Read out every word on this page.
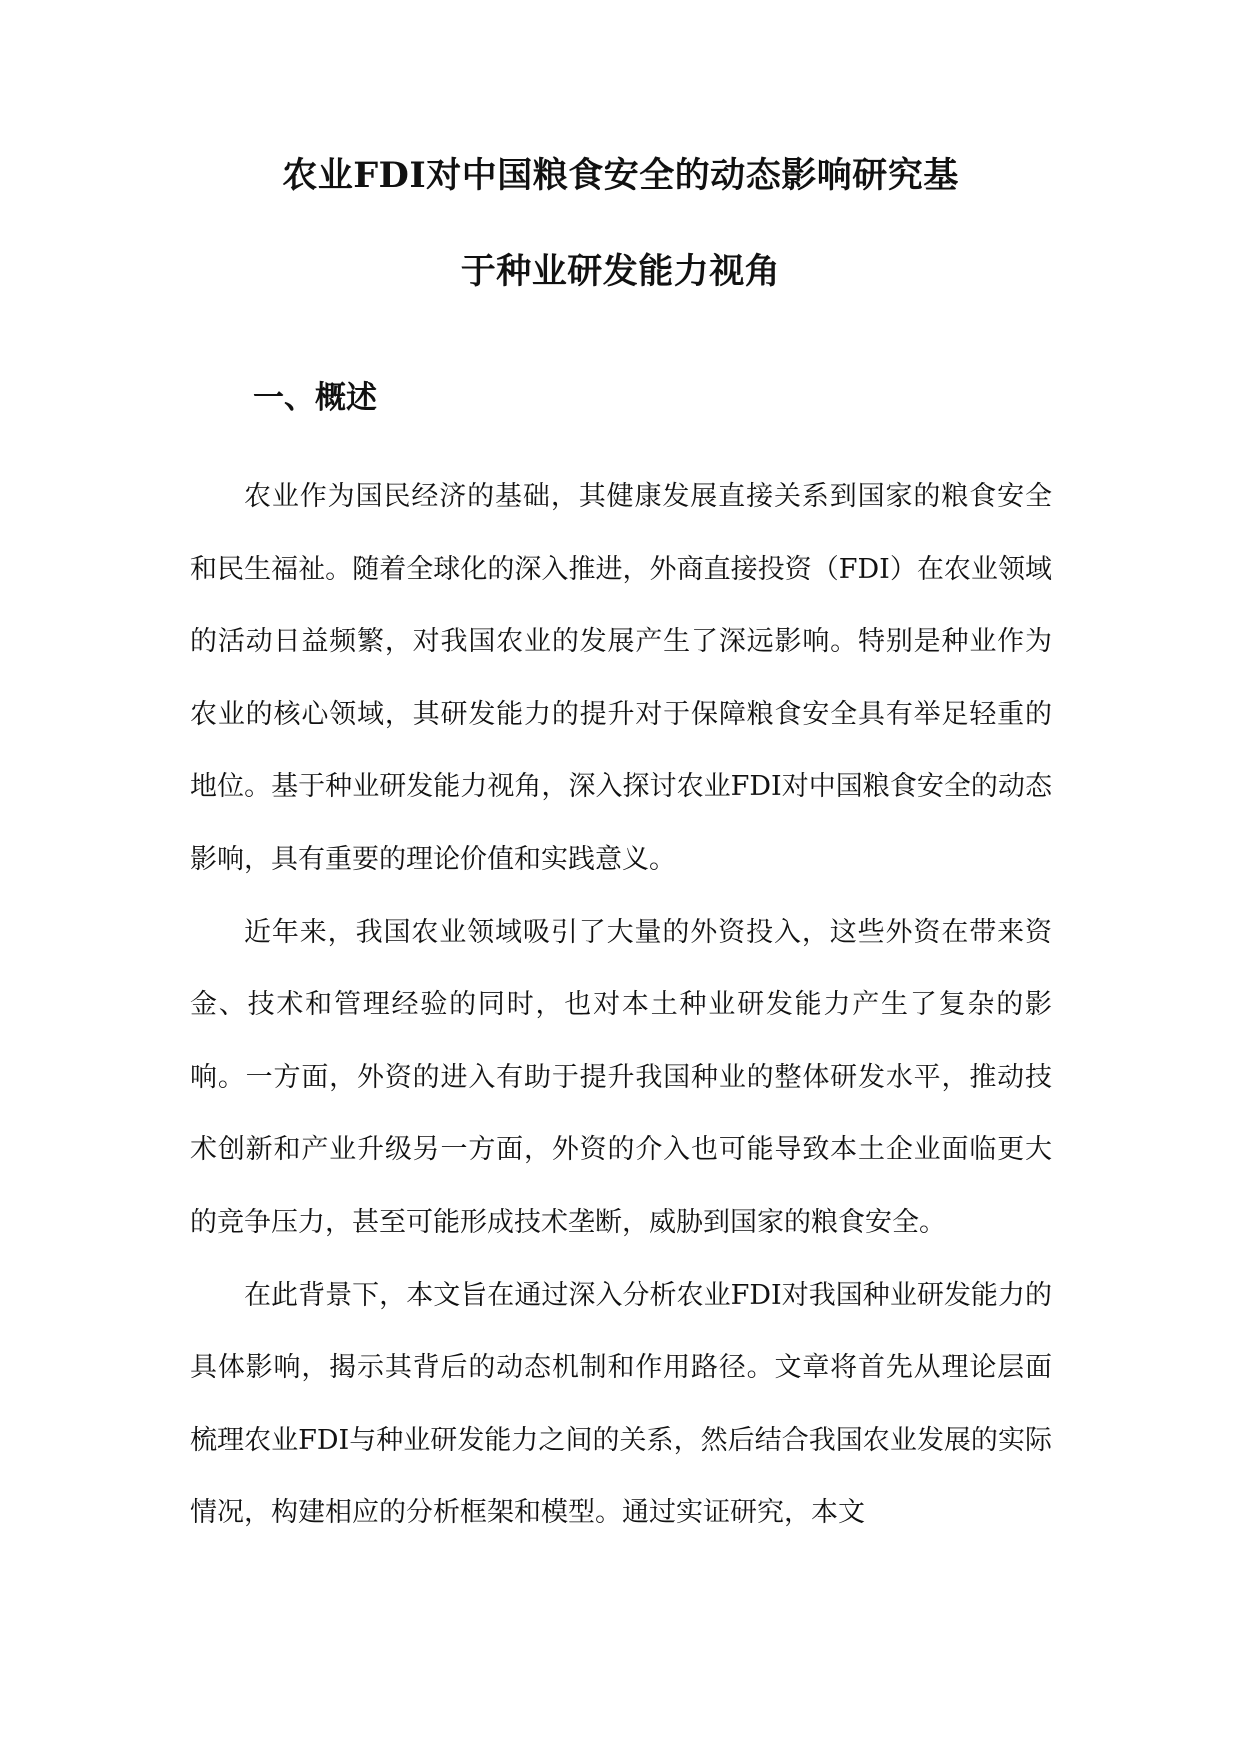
农业FDI对中国粮食安全的动态影响研究基
于种业研发能力视角
一、概述

农业作为国民经济的基础，其健康发展直接关系到国家的粮食安全和民生福祉。随着全球化的深入推进，外商直接投资（FDI）在农业领域的活动日益频繁，对我国农业的发展产生了深远影响。特别是种业作为农业的核心领域，其研发能力的提升对于保障粮食安全具有举足轻重的地位。基于种业研发能力视角，深入探讨农业FDI对中国粮食安全的动态影响，具有重要的理论价值和实践意义。

近年来，我国农业领域吸引了大量的外资投入，这些外资在带来资金、技术和管理经验的同时，也对本土种业研发能力产生了复杂的影响。一方面，外资的进入有助于提升我国种业的整体研发水平，推动技术创新和产业升级另一方面，外资的介入也可能导致本土企业面临更大的竞争压力，甚至可能形成技术垄断，威胁到国家的粮食安全。

在此背景下，本文旨在通过深入分析农业FDI对我国种业研发能力的具体影响，揭示其背后的动态机制和作用路径。文章将首先从理论层面梳理农业FDI与种业研发能力之间的关系，然后结合我国农业发展的实际情况，构建相应的分析框架和模型。通过实证研究，本文
